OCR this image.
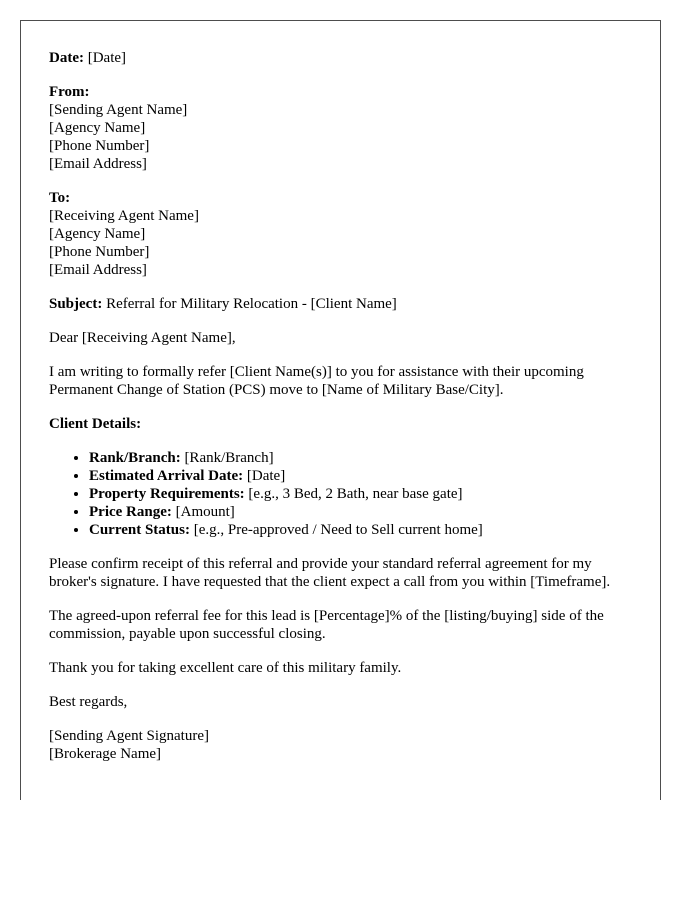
Date: [Date]
From:
[Sending Agent Name]
[Agency Name]
[Phone Number]
[Email Address]
To:
[Receiving Agent Name]
[Agency Name]
[Phone Number]
[Email Address]
Subject: Referral for Military Relocation - [Client Name]

Dear [Receiving Agent Name],

I am writing to formally refer [Client Name(s)] to you for assistance with their upcoming Permanent Change of Station (PCS) move to [Name of Military Base/City].

Client Details:

• Rank/Branch: [Rank/Branch]
• Estimated Arrival Date: [Date]
• Property Requirements: [e.g., 3 Bed, 2 Bath, near base gate]
• Price Range: [Amount]
• Current Status: [e.g., Pre-approved / Need to Sell current home]

Please confirm receipt of this referral and provide your standard referral agreement for my broker's signature. I have requested that the client expect a call from you within [Timeframe].

The agreed-upon referral fee for this lead is [Percentage]% of the [listing/buying] side of the commission, payable upon successful closing.

Thank you for taking excellent care of this military family.

Best regards,

[Sending Agent Signature]
[Brokerage Name]
